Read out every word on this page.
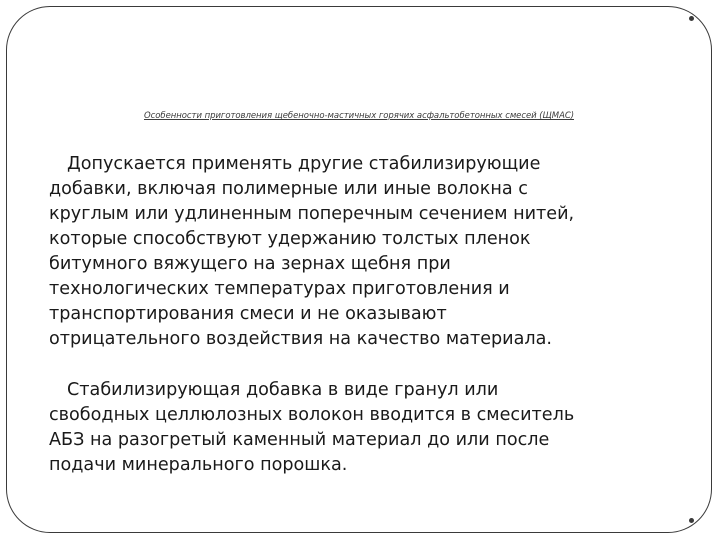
Особенности приготовления щебеночно-мастичных горячих асфальтобетонных смесей (ЩМАС)

Допускается применять другие стабилизирующие
добавки, включая полимерные или иные волокна с
круглым или удлиненным поперечным сечением нитей,
которые способствуют удержанию толстых пленок
битумного вяжущего на зернах щебня при
технологических температурах приготовления и
транспортирования смеси и не оказывают
отрицательного воздействия на качество материала.

Стабилизирующая добавка в виде гранул или
свободных целлюлозных волокон вводится в смеситель
АБЗ на разогретый каменный материал до или после
подачи минерального порошка.
